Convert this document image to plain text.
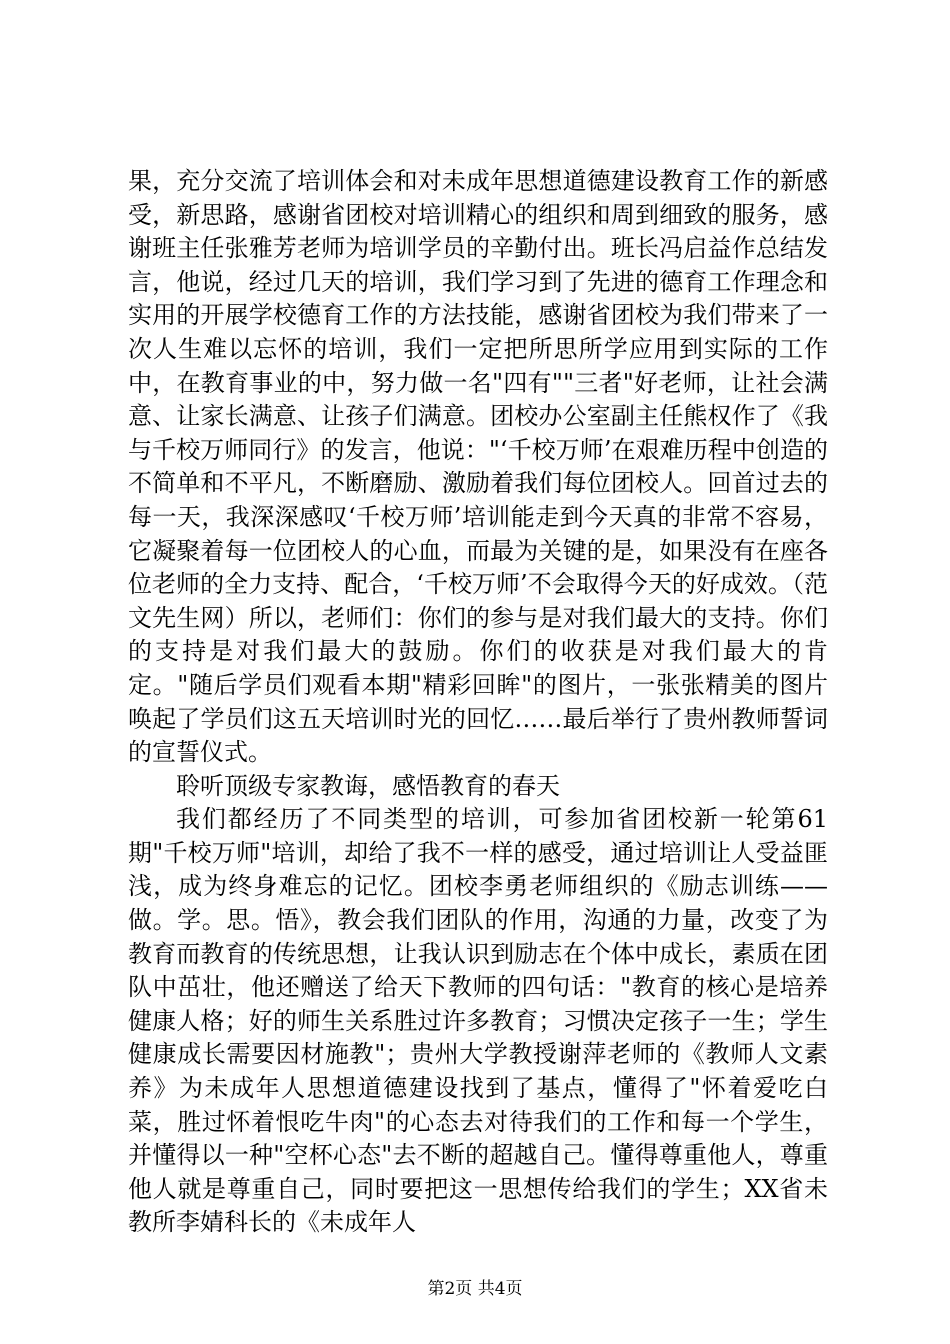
果，充分交流了培训体会和对未成年思想道德建设教育工作的新感受，新思路，感谢省团校对培训精心的组织和周到细致的服务，感谢班主任张雅芳老师为培训学员的辛勤付出。班长冯启益作总结发言，他说，经过几天的培训，我们学习到了先进的德育工作理念和实用的开展学校德育工作的方法技能，感谢省团校为我们带来了一次人生难以忘怀的培训，我们一定把所思所学应用到实际的工作中，在教育事业的中，努力做一名"四有""三者"好老师，让社会满意、让家长满意、让孩子们满意。团校办公室副主任熊权作了《我与千校万师同行》的发言，他说："‘千校万师’在艰难历程中创造的不简单和不平凡，不断磨励、激励着我们每位团校人。回首过去的每一天，我深深感叹‘千校万师’培训能走到今天真的非常不容易，它凝聚着每一位团校人的心血，而最为关键的是，如果没有在座各位老师的全力支持、配合，‘千校万师’不会取得今天的好成效。（范文先生网）所以，老师们：你们的参与是对我们最大的支持。你们的支持是对我们最大的鼓励。你们的收获是对我们最大的肯定。"随后学员们观看本期"精彩回眸"的图片，一张张精美的图片唤起了学员们这五天培训时光的回忆……最后举行了贵州教师誓词的宣誓仪式。

聆听顶级专家教诲，感悟教育的春天

我们都经历了不同类型的培训，可参加省团校新一轮第61期"千校万师"培训，却给了我不一样的感受，通过培训让人受益匪浅，成为终身难忘的记忆。团校李勇老师组织的《励志训练——做。学。思。悟》，教会我们团队的作用，沟通的力量，改变了为教育而教育的传统思想，让我认识到励志在个体中成长，素质在团队中茁壮，他还赠送了给天下教师的四句话："教育的核心是培养健康人格；好的师生关系胜过许多教育；习惯决定孩子一生；学生健康成长需要因材施教"；贵州大学教授谢萍老师的《教师人文素养》为未成年人思想道德建设找到了基点，懂得了"怀着爱吃白菜，胜过怀着恨吃牛肉"的心态去对待我们的工作和每一个学生，并懂得以一种"空杯心态"去不断的超越自己。懂得尊重他人，尊重他人就是尊重自己，同时要把这一思想传给我们的学生；XX省未教所李婧科长的《未成年人

第2页 共4页
